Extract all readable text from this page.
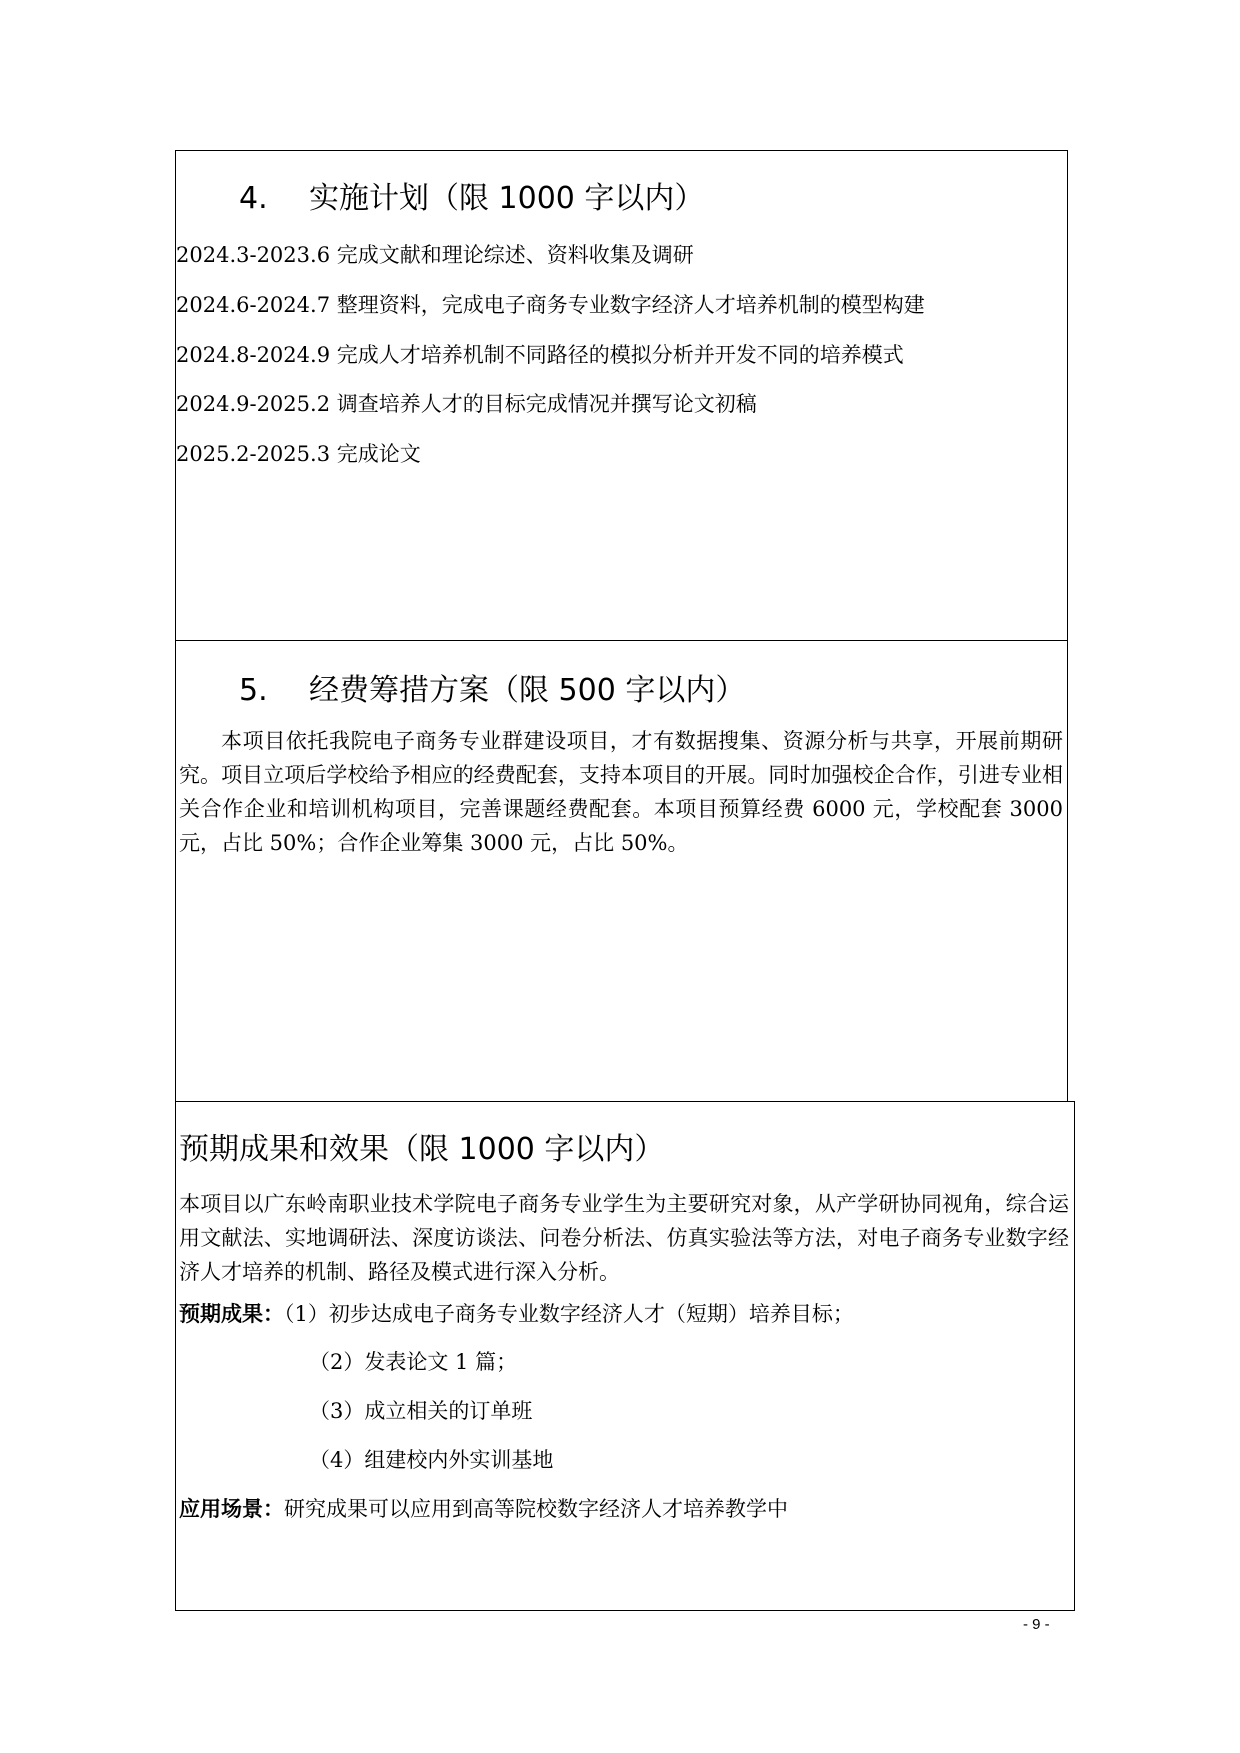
4. 实施计划（限 1000 字以内）
2024.3-2023.6 完成文献和理论综述、资料收集及调研
2024.6-2024.7 整理资料，完成电子商务专业数字经济人才培养机制的模型构建
2024.8-2024.9 完成人才培养机制不同路径的模拟分析并开发不同的培养模式
2024.9-2025.2 调查培养人才的目标完成情况并撰写论文初稿
2025.2-2025.3 完成论文
5. 经费筹措方案（限 500 字以内）

本项目依托我院电子商务专业群建设项目，才有数据搜集、资源分析与共享，开展前期研究。项目立项后学校给予相应的经费配套，支持本项目的开展。同时加强校企合作，引进专业相关合作企业和培训机构项目，完善课题经费配套。本项目预算经费 6000 元，学校配套 3000 元，占比 50%；合作企业筹集 3000 元，占比 50%。

预期成果和效果（限 1000 字以内）

本项目以广东岭南职业技术学院电子商务专业学生为主要研究对象，从产学研协同视角，综合运用文献法、实地调研法、深度访谈法、问卷分析法、仿真实验法等方法，对电子商务专业数字经济人才培养的机制、路径及模式进行深入分析。

预期成果：（1）初步达成电子商务专业数字经济人才（短期）培养目标；
（2）发表论文 1 篇；
（3）成立相关的订单班
（4）组建校内外实训基地
应用场景：研究成果可以应用到高等院校数字经济人才培养教学中
- 9 -
